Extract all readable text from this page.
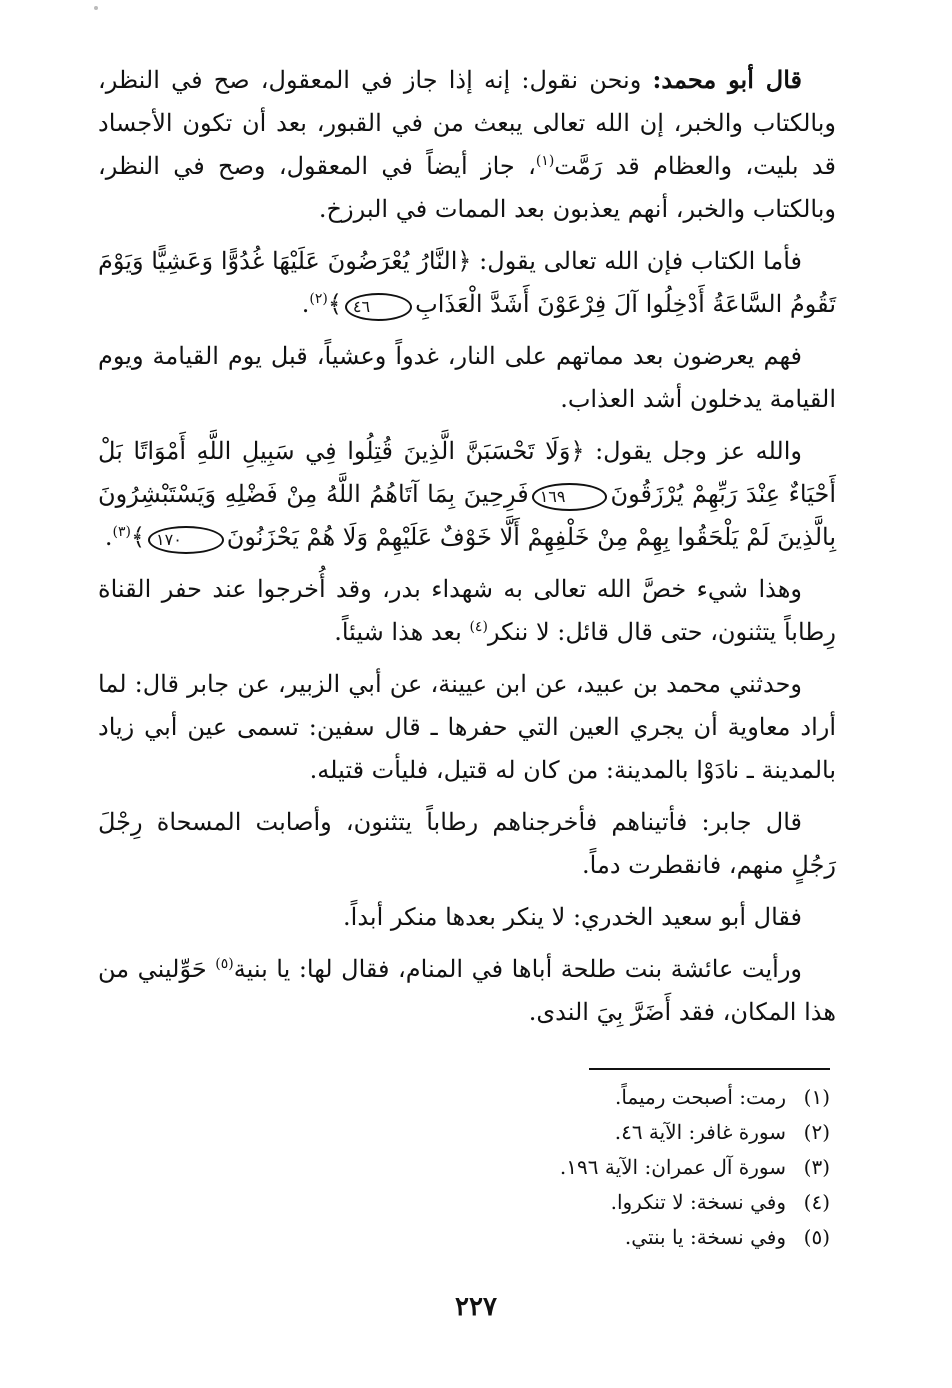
قال أبو محمد: ونحن نقول: إنه إذا جاز في المعقول، صح في النظر، وبالكتاب والخبر، إن الله تعالى يبعث من في القبور، بعد أن تكون الأجساد قد بليت، والعظام قد رَمَّت$^{(١)}$، جاز أيضاً في المعقول، وصح في النظر، وبالكتاب والخبر، أنهم يعذبون بعد الممات في البرزخ.

فأما الكتاب فإن الله تعالى يقول: ﴿النَّارُ يُعْرَضُونَ عَلَيْهَا غُدُوًّا وَعَشِيًّا وَيَوْمَ تَقُومُ السَّاعَةُ أَدْخِلُوا آلَ فِرْعَوْنَ أَشَدَّ الْعَذَابِ٤٦﴾$^{(٢)}$.

فهم يعرضون بعد مماتهم على النار، غدواً وعشياً، قبل يوم القيامة ويوم القيامة يدخلون أشد العذاب.

والله عز وجل يقول: ﴿وَلَا تَحْسَبَنَّ الَّذِينَ قُتِلُوا فِي سَبِيلِ اللَّهِ أَمْوَاتًا بَلْ أَحْيَاءٌ عِنْدَ رَبِّهِمْ يُرْزَقُونَ١٦٩فَرِحِينَ بِمَا آتَاهُمُ اللَّهُ مِنْ فَضْلِهِ وَيَسْتَبْشِرُونَ بِالَّذِينَ لَمْ يَلْحَقُوا بِهِمْ مِنْ خَلْفِهِمْ أَلَّا خَوْفٌ عَلَيْهِمْ وَلَا هُمْ يَحْزَنُونَ١٧٠﴾$^{(٣)}$.

وهذا شيء خصَّ الله تعالى به شهداء بدر، وقد أُخرجوا عند حفر القناة رِطاباً يتثنون، حتى قال قائل: لا ننكر$^{(٤)}$ بعد هذا شيئاً.

وحدثني محمد بن عبيد، عن ابن عيينة، عن أبي الزبير، عن جابر قال: لما أراد معاوية أن يجري العين التي حفرها ـ قال سفين: تسمى عين أبي زياد بالمدينة ـ نادَوْا بالمدينة: من كان له قتيل، فليأت قتيله.

قال جابر: فأتيناهم فأخرجناهم رطاباً يتثنون، وأصابت المسحاة رِجْلَ رَجُلٍ منهم، فانقطرت دماً.

فقال أبو سعيد الخدري: لا ينكر بعدها منكر أبداً.

ورأيت عائشة بنت طلحة أباها في المنام، فقال لها: يا بنية$^{(٥)}$ حَوِّليني من هذا المكان، فقد أَضَرَّ بِيَ الندى.

(١)رمت: أصبحت رميماً.

(٢)سورة غافر: الآية ٤٦.

(٣)سورة آل عمران: الآية ١٩٦.

(٤)وفي نسخة: لا تنكروا.

(٥)وفي نسخة: يا بنتي.

٢٢٧
